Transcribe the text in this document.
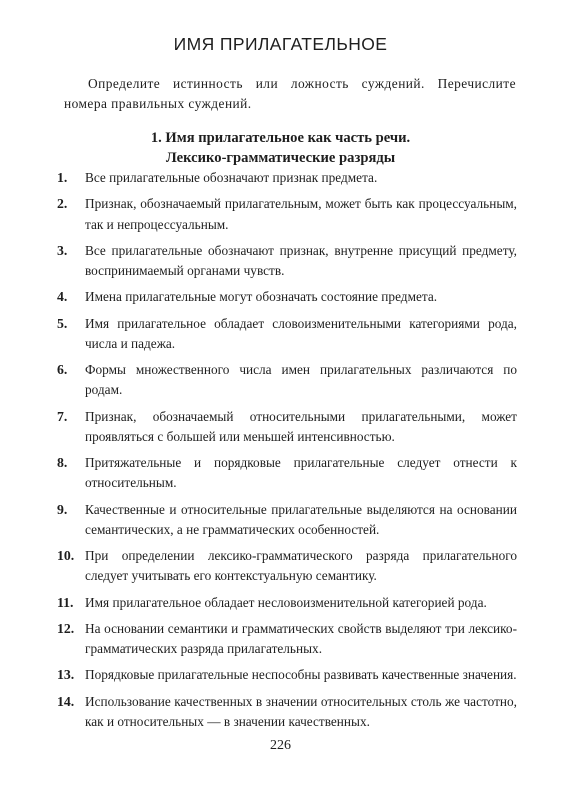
ИМЯ ПРИЛАГАТЕЛЬНОЕ

Определите истинность или ложность суждений. Перечислите номера правильных суждений.

1. Имя прилагательное как часть речи.
Лексико-грамматические разряды
1.	Все прилагательные обозначают признак предмета.
2.	Признак, обозначаемый прилагательным, может быть как процессуальным, так и непроцессуальным.
3.	Все прилагательные обозначают признак, внутренне присущий предмету, воспринимаемый органами чувств.
4.	Имена прилагательные могут обозначать состояние предмета.
5.	Имя прилагательное обладает словоизменительными категориями рода, числа и падежа.
6.	Формы множественного числа имен прилагательных различаются по родам.
7.	Признак, обозначаемый относительными прилагательными, может проявляться с большей или меньшей интенсивностью.
8.	Притяжательные и порядковые прилагательные следует отнести к относительным.
9.	Качественные и относительные прилагательные выделяются на основании семантических, а не грамматических особенностей.
10. При определении лексико-грамматического разряда прилагательного следует учитывать его контекстуальную семантику.
11. Имя прилагательное обладает несловоизменительной категорией рода.
12. На основании семантики и грамматических свойств выделяют три лексико-грамматических разряда прилагательных.
13. Порядковые прилагательные неспособны развивать качественные значения.
14. Использование качественных в значении относительных столь же частотно, как и относительных — в значении качественных.
226
